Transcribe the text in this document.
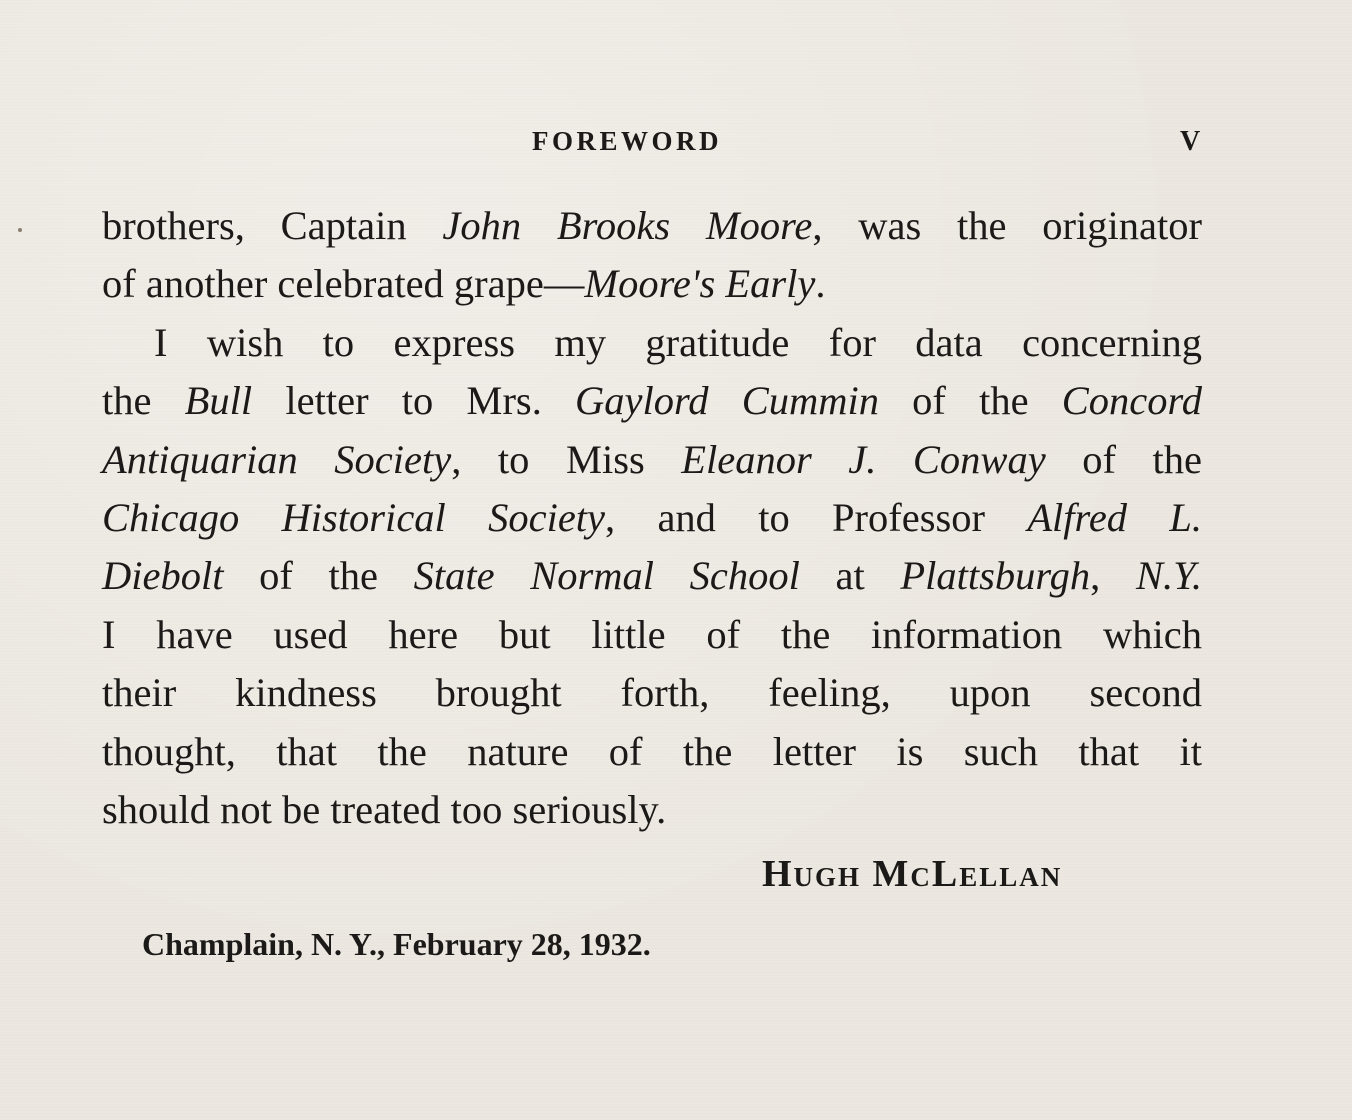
FOREWORD	V
brothers, Captain John Brooks Moore, was the originator
of another celebrated grape—Moore's Early.
I wish to express my gratitude for data concerning
the Bull letter to Mrs. Gaylord Cummin of the Concord
Antiquarian Society, to Miss Eleanor J. Conway of the
Chicago Historical Society, and to Professor Alfred L.
Diebolt of the State Normal School at Plattsburgh, N.Y.
I have used here but little of the information which
their kindness brought forth, feeling, upon second
thought, that the nature of the letter is such that it
should not be treated too seriously.
Hugh McLellan
Champlain, N. Y., February 28, 1932.
